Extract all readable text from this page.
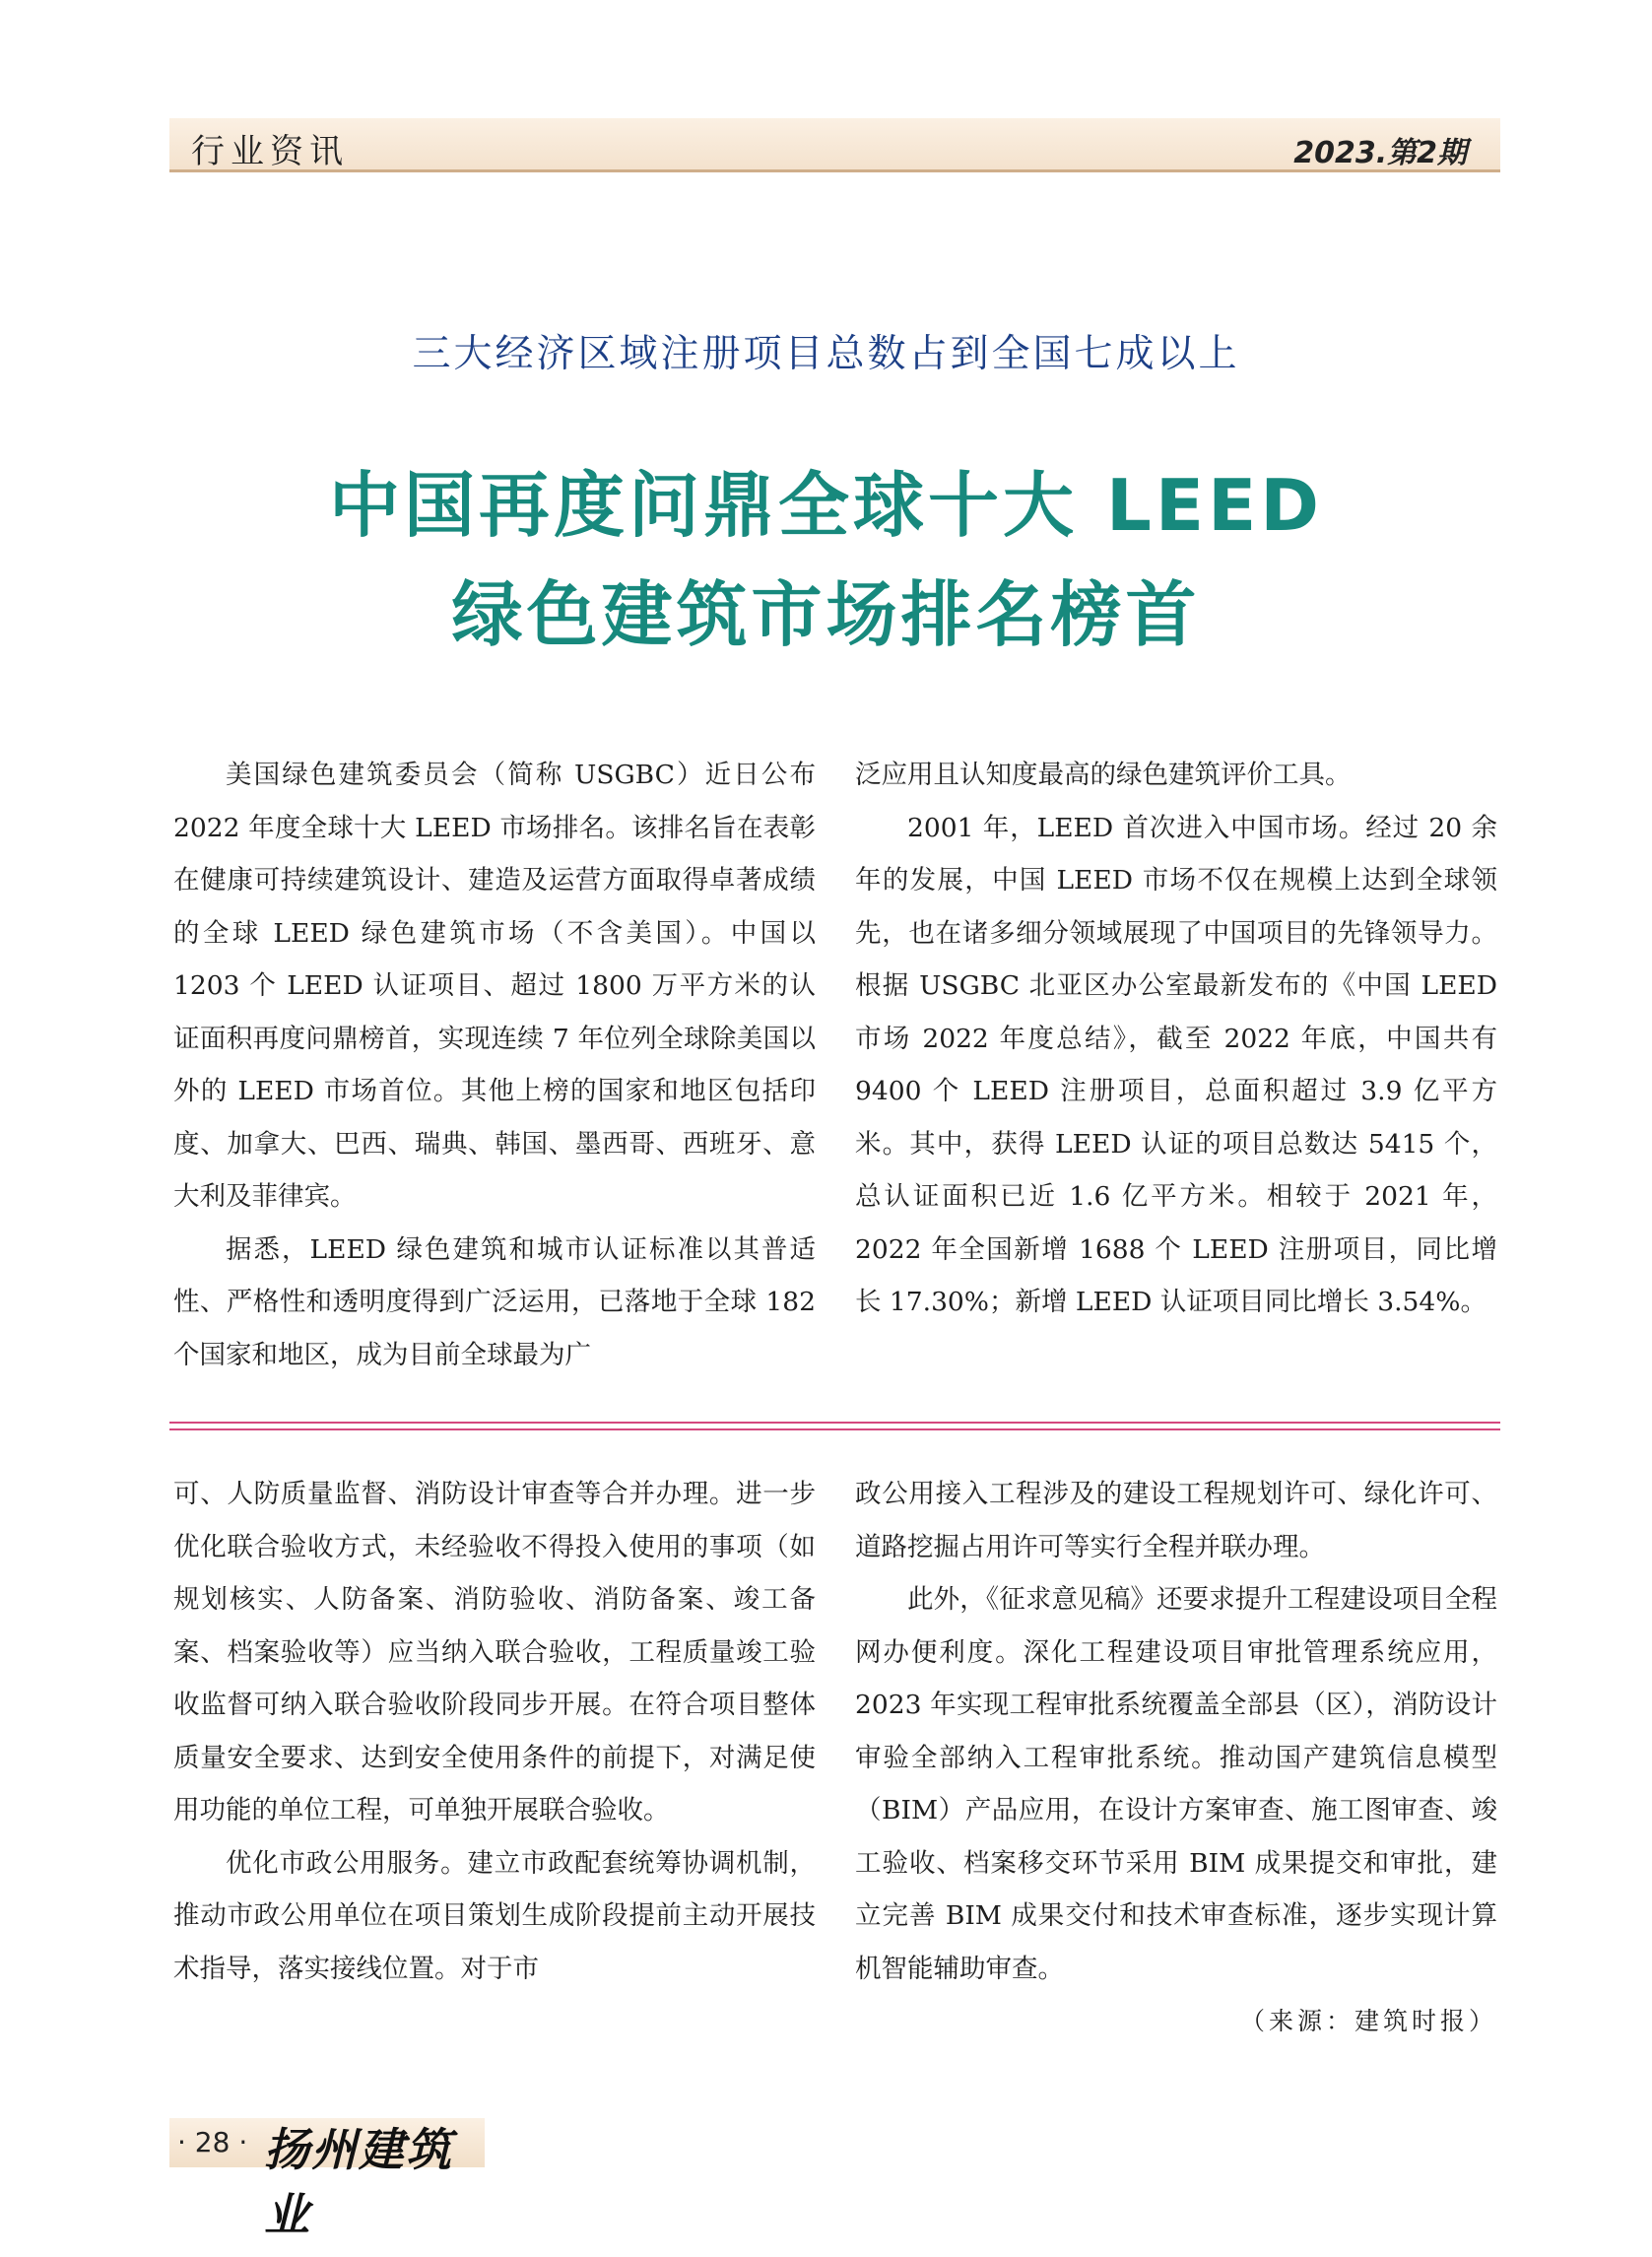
行业资讯	2023.第2期
三大经济区域注册项目总数占到全国七成以上
中国再度问鼎全球十大 LEED
绿色建筑市场排名榜首

美国绿色建筑委员会（简称 USGBC）近日公布 2022 年度全球十大 LEED 市场排名。该排名旨在表彰在健康可持续建筑设计、建造及运营方面取得卓著成绩的全球 LEED 绿色建筑市场（不含美国）。中国以 1203 个 LEED 认证项目、超过 1800 万平方米的认证面积再度问鼎榜首，实现连续 7 年位列全球除美国以外的 LEED 市场首位。其他上榜的国家和地区包括印度、加拿大、巴西、瑞典、韩国、墨西哥、西班牙、意大利及菲律宾。

据悉，LEED 绿色建筑和城市认证标准以其普适性、严格性和透明度得到广泛运用，已落地于全球 182 个国家和地区，成为目前全球最为广

泛应用且认知度最高的绿色建筑评价工具。

2001 年，LEED 首次进入中国市场。经过 20 余年的发展，中国 LEED 市场不仅在规模上达到全球领先，也在诸多细分领域展现了中国项目的先锋领导力。根据 USGBC 北亚区办公室最新发布的《中国 LEED 市场 2022 年度总结》，截至 2022 年底，中国共有 9400 个 LEED 注册项目，总面积超过 3.9 亿平方米。其中，获得 LEED 认证的项目总数达 5415 个，总认证面积已近 1.6 亿平方米。相较于 2021 年，2022 年全国新增 1688 个 LEED 注册项目，同比增长 17.30%；新增 LEED 认证项目同比增长 3.54%。

可、人防质量监督、消防设计审查等合并办理。进一步优化联合验收方式，未经验收不得投入使用的事项（如规划核实、人防备案、消防验收、消防备案、竣工备案、档案验收等）应当纳入联合验收，工程质量竣工验收监督可纳入联合验收阶段同步开展。在符合项目整体质量安全要求、达到安全使用条件的前提下，对满足使用功能的单位工程，可单独开展联合验收。

优化市政公用服务。建立市政配套统筹协调机制，推动市政公用单位在项目策划生成阶段提前主动开展技术指导，落实接线位置。对于市

政公用接入工程涉及的建设工程规划许可、绿化许可、道路挖掘占用许可等实行全程并联办理。

此外，《征求意见稿》还要求提升工程建设项目全程网办便利度。深化工程建设项目审批管理系统应用，2023 年实现工程审批系统覆盖全部县（区），消防设计审验全部纳入工程审批系统。推动国产建筑信息模型（BIM）产品应用，在设计方案审查、施工图审查、竣工验收、档案移交环节采用 BIM 成果提交和审批，建立完善 BIM 成果交付和技术审查标准，逐步实现计算机智能辅助审查。

（来源：建筑时报）

· 28 · 扬州建筑业
